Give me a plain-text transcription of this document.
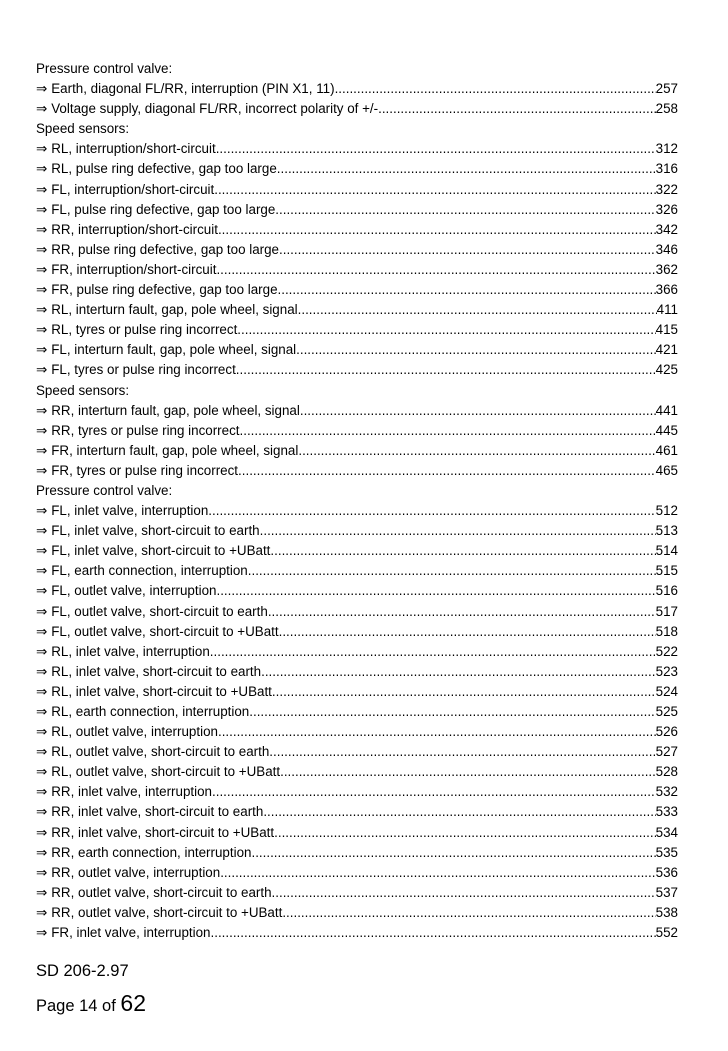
Pressure control valve:
⇒ Earth, diagonal FL/RR, interruption (PIN X1, 11) .....	257
⇒ Voltage supply, diagonal FL/RR, incorrect polarity of +/- .....	258
Speed sensors:
⇒ RL, interruption/short-circuit .....	312
⇒ RL, pulse ring defective, gap too large .....	316
⇒ FL, interruption/short-circuit .....	322
⇒ FL, pulse ring defective, gap too large .....	326
⇒ RR, interruption/short-circuit .....	342
⇒ RR, pulse ring defective, gap too large .....	346
⇒ FR, interruption/short-circuit .....	362
⇒ FR, pulse ring defective, gap too large .....	366
⇒ RL, interturn fault, gap, pole wheel, signal .....	411
⇒ RL, tyres or pulse ring incorrect .....	415
⇒ FL, interturn fault, gap, pole wheel, signal .....	421
⇒ FL, tyres or pulse ring incorrect .....	425
Speed sensors:
⇒ RR, interturn fault, gap, pole wheel, signal .....	441
⇒ RR, tyres or pulse ring incorrect .....	445
⇒ FR, interturn fault, gap, pole wheel, signal .....	461
⇒ FR, tyres or pulse ring incorrect .....	465
Pressure control valve:
⇒ FL, inlet valve, interruption .....	512
⇒ FL, inlet valve, short-circuit to earth .....	513
⇒ FL, inlet valve, short-circuit to +UBatt .....	514
⇒ FL, earth connection, interruption .....	515
⇒ FL, outlet valve, interruption .....	516
⇒ FL, outlet valve, short-circuit to earth .....	517
⇒ FL, outlet valve, short-circuit to +UBatt .....	518
⇒ RL, inlet valve, interruption .....	522
⇒ RL, inlet valve, short-circuit to earth .....	523
⇒ RL, inlet valve, short-circuit to +UBatt .....	524
⇒ RL, earth connection, interruption .....	525
⇒ RL, outlet valve, interruption .....	526
⇒ RL, outlet valve, short-circuit to earth .....	527
⇒ RL, outlet valve, short-circuit to +UBatt .....	528
⇒ RR, inlet valve, interruption .....	532
⇒ RR, inlet valve, short-circuit to earth .....	533
⇒ RR, inlet valve, short-circuit to +UBatt .....	534
⇒ RR, earth connection, interruption .....	535
⇒ RR, outlet valve, interruption .....	536
⇒ RR, outlet valve, short-circuit to earth .....	537
⇒ RR, outlet valve, short-circuit to +UBatt .....	538
⇒ FR, inlet valve, interruption .....	552
SD 206-2.97
Page 14 of 62
